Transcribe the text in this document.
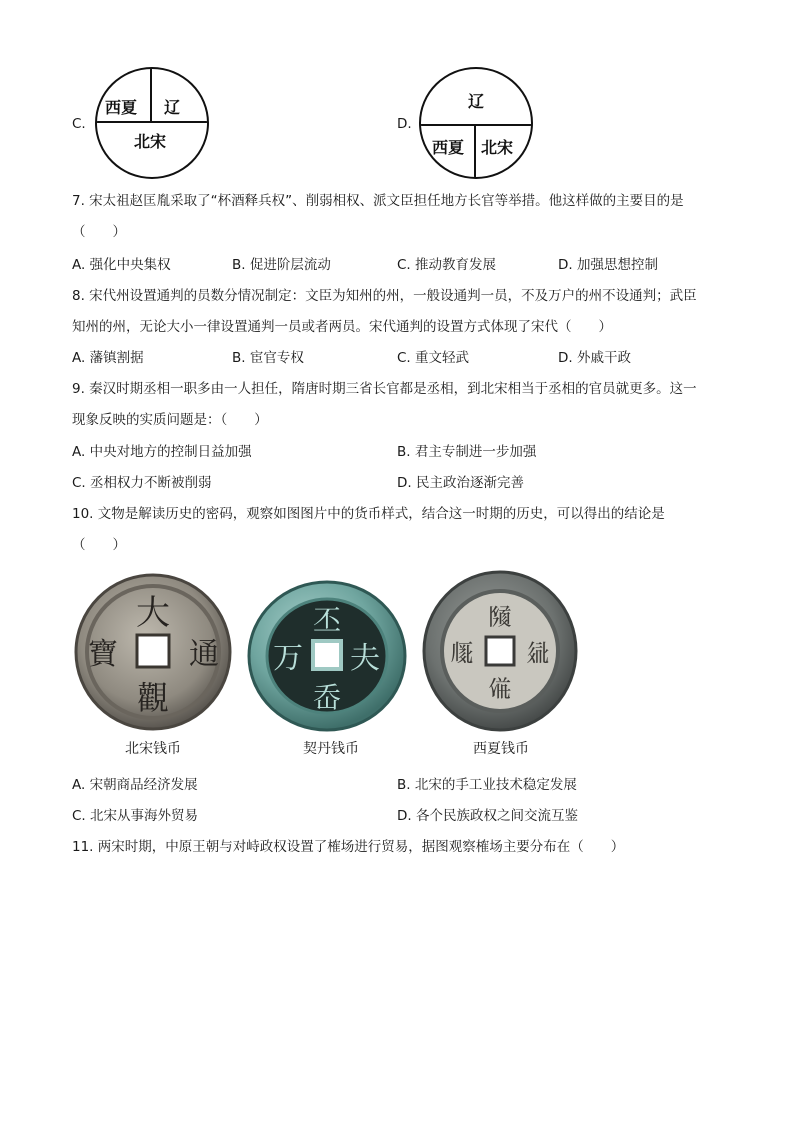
C.
西夏 辽
北宋
D.
辽
西夏 北宋
7. 宋太祖赵匡胤采取了“杯酒释兵权”、削弱相权、派文臣担任地方长官等举措。他这样做的主要目的是
（　　）
A. 强化中央集权	B. 促进阶层流动	C. 推动教育发展	D. 加强思想控制
8. 宋代州设置通判的员数分情况制定：文臣为知州的州，一般设通判一员，不及万户的州不设通判；武臣
知州的州，无论大小一律设置通判一员或者两员。宋代通判的设置方式体现了宋代（　　）
A. 藩镇割据	B. 宦官专权	C. 重文轻武	D. 外戚干政
9. 秦汉时期丞相一职多由一人担任，隋唐时期三省长官都是丞相，到北宋相当于丞相的官员就更多。这一
现象反映的实质问题是：（　　）
A. 中央对地方的控制日益加强	B. 君主专制进一步加强
C. 丞相权力不断被削弱	D. 民主政治逐渐完善
10. 文物是解读历史的密码，观察如图图片中的货币样式，结合这一时期的历史，可以得出的结论是
（　　）
大
觀
通
寶
北宋钱币
丕
夫
岙
万
契丹钱币
𗂧
𗣼
𗃞
𗅲
西夏钱币
A. 宋朝商品经济发展	B. 北宋的手工业技术稳定发展
C. 北宋从事海外贸易	D. 各个民族政权之间交流互鉴
11. 两宋时期，中原王朝与对峙政权设置了榷场进行贸易，据图观察榷场主要分布在（　　）
